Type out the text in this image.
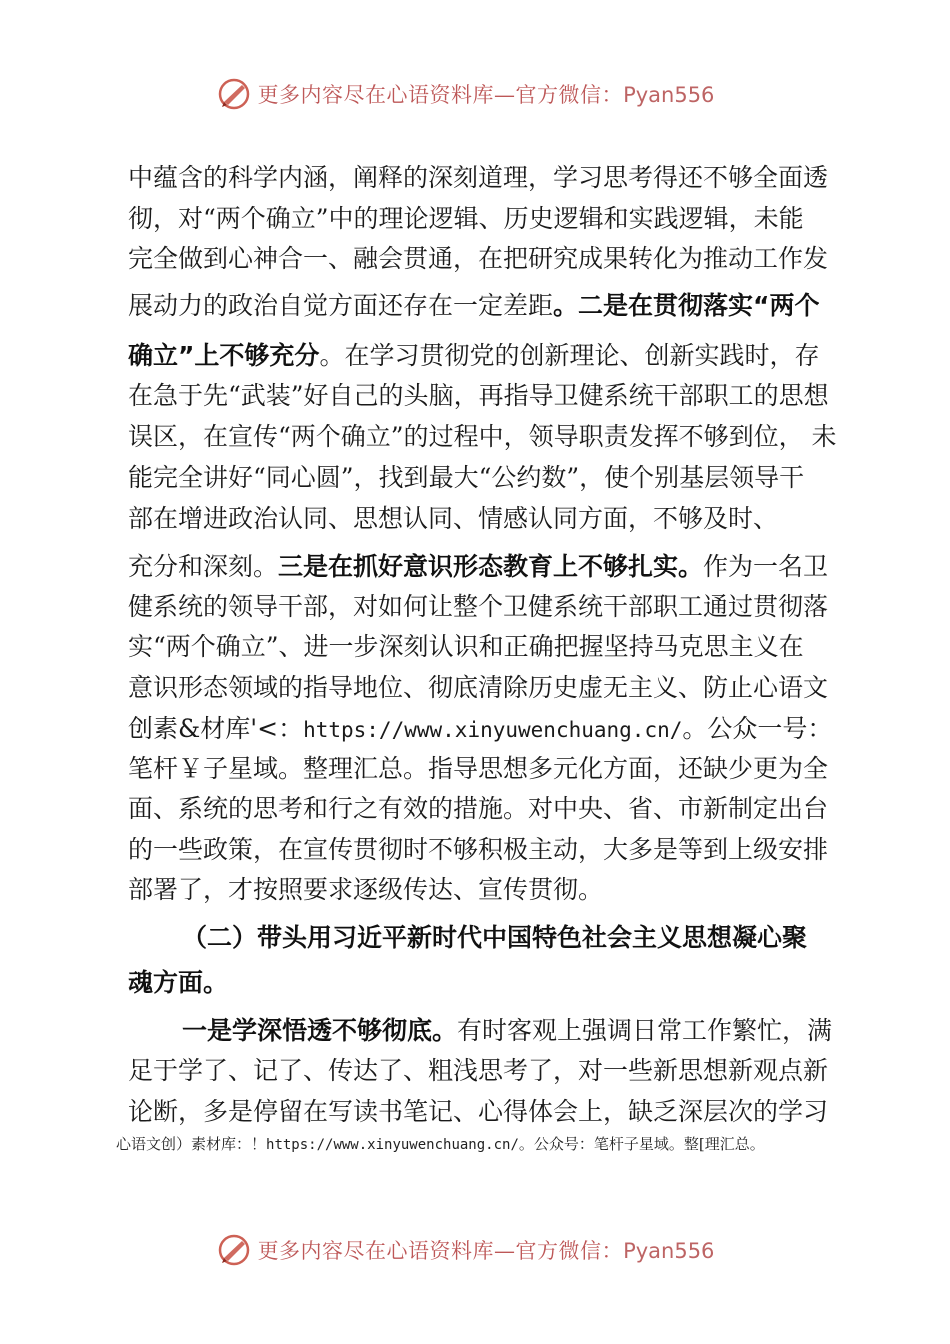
更多内容尽在心语资料库—官方微信：Pyan556
中蕴含的科学内涵，阐释的深刻道理，学习思考得还不够全面透
彻，对“两个确立”中的理论逻辑、历史逻辑和实践逻辑，未能
完全做到心神合一、融会贯通，在把研究成果转化为推动工作发
展动力的政治自觉方面还存在一定差距。二是在贯彻落实“两个
确立”上不够充分。在学习贯彻党的创新理论、创新实践时，存
在急于先“武装”好自己的头脑，再指导卫健系统干部职工的思想
误区，在宣传“两个确立”的过程中，领导职责发挥不够到位， 未
能完全讲好“同心圆”，找到最大“公约数”，使个别基层领导干
部在增进政治认同、思想认同、情感认同方面，不够及时、
充分和深刻。三是在抓好意识形态教育上不够扎实。作为一名卫
健系统的领导干部，对如何让整个卫健系统干部职工通过贯彻落
实“两个确立”、进一步深刻认识和正确把握坚持马克思主义在
意识形态领域的指导地位、彻底清除历史虚无主义、防止心语文
创素&材库'<：https://www.xinyuwenchuang.cn/。公众一号：
笔杆￥子星域。整理汇总。指导思想多元化方面，还缺少更为全
面、系统的思考和行之有效的措施。对中央、省、市新制定出台
的一些政策，在宣传贯彻时不够积极主动，大多是等到上级安排
部署了，才按照要求逐级传达、宣传贯彻。
（二）带头用习近平新时代中国特色社会主义思想凝心聚
魂方面。
一是学深悟透不够彻底。有时客观上强调日常工作繁忙，满
足于学了、记了、传达了、粗浅思考了，对一些新思想新观点新
论断，多是停留在写读书笔记、心得体会上，缺乏深层次的学习
心语文创）素材库：！https://www.xinyuwenchuang.cn/。公众号：笔杆子星域。整[理汇总。
更多内容尽在心语资料库—官方微信：Pyan556
